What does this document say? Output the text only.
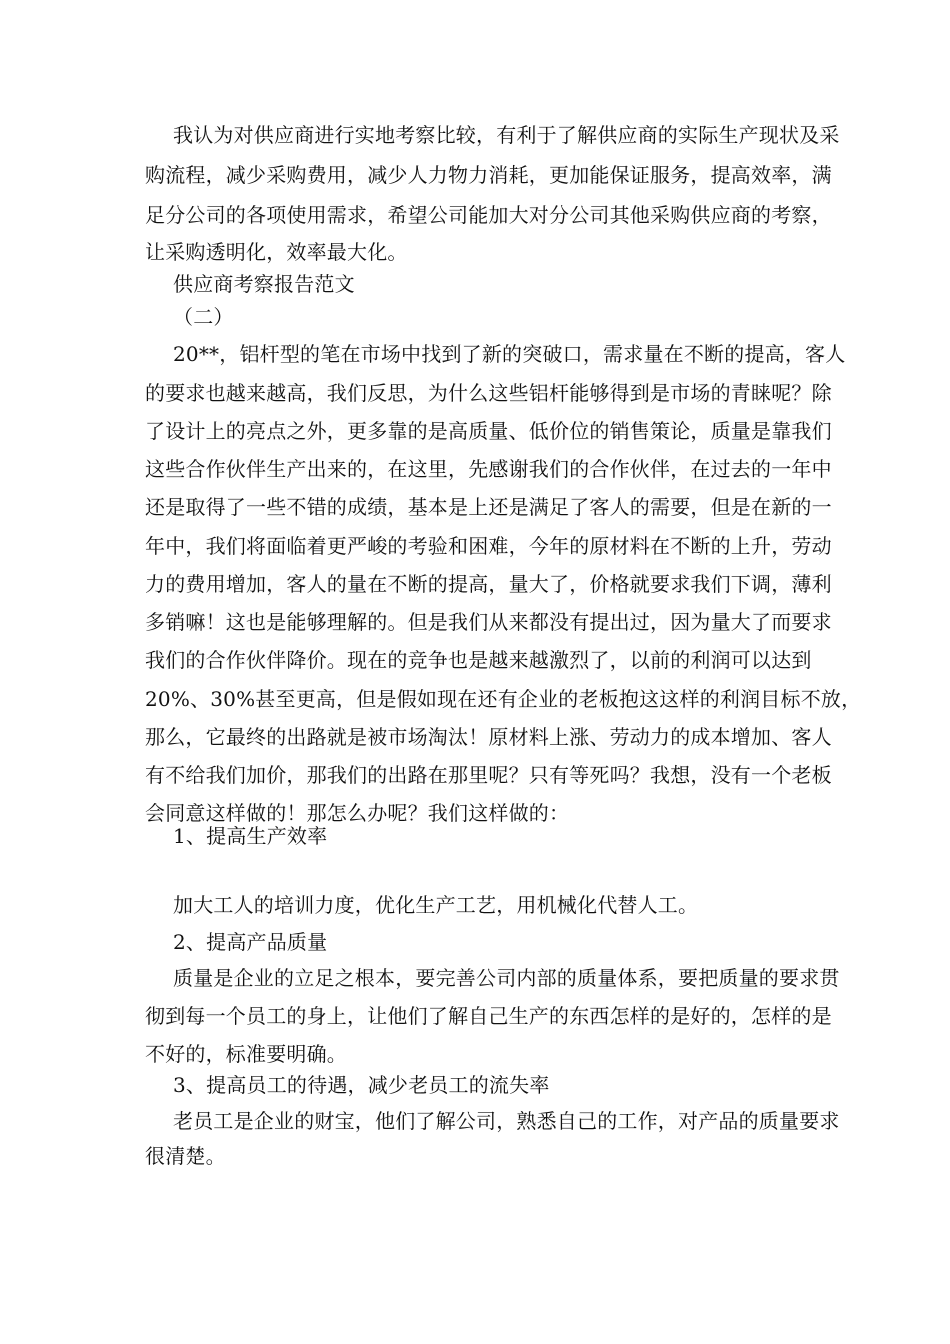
我认为对供应商进行实地考察比较，有利于了解供应商的实际生产现状及采
购流程，减少采购费用，减少人力物力消耗，更加能保证服务，提高效率，满
足分公司的各项使用需求，希望公司能加大对分公司其他采购供应商的考察，
让采购透明化，效率最大化。
供应商考察报告范文
（二）
20**，铝杆型的笔在市场中找到了新的突破口，需求量在不断的提高，客人
的要求也越来越高，我们反思，为什么这些铝杆能够得到是市场的青睐呢？除
了设计上的亮点之外，更多靠的是高质量、低价位的销售策论，质量是靠我们
这些合作伙伴生产出来的，在这里，先感谢我们的合作伙伴，在过去的一年中
还是取得了一些不错的成绩，基本是上还是满足了客人的需要，但是在新的一
年中，我们将面临着更严峻的考验和困难，今年的原材料在不断的上升，劳动
力的费用增加，客人的量在不断的提高，量大了，价格就要求我们下调，薄利
多销嘛！这也是能够理解的。但是我们从来都没有提出过，因为量大了而要求
我们的合作伙伴降价。现在的竞争也是越来越激烈了，以前的利润可以达到
20%、30%甚至更高，但是假如现在还有企业的老板抱这这样的利润目标不放，
那么，它最终的出路就是被市场淘汰！原材料上涨、劳动力的成本增加、客人
有不给我们加价，那我们的出路在那里呢？只有等死吗？我想，没有一个老板
会同意这样做的！那怎么办呢？我们这样做的：
1、提高生产效率
加大工人的培训力度，优化生产工艺，用机械化代替人工。
2、提高产品质量
质量是企业的立足之根本，要完善公司内部的质量体系，要把质量的要求贯
彻到每一个员工的身上，让他们了解自己生产的东西怎样的是好的，怎样的是
不好的，标准要明确。
3、提高员工的待遇，减少老员工的流失率
老员工是企业的财宝，他们了解公司，熟悉自己的工作，对产品的质量要求
很清楚。
